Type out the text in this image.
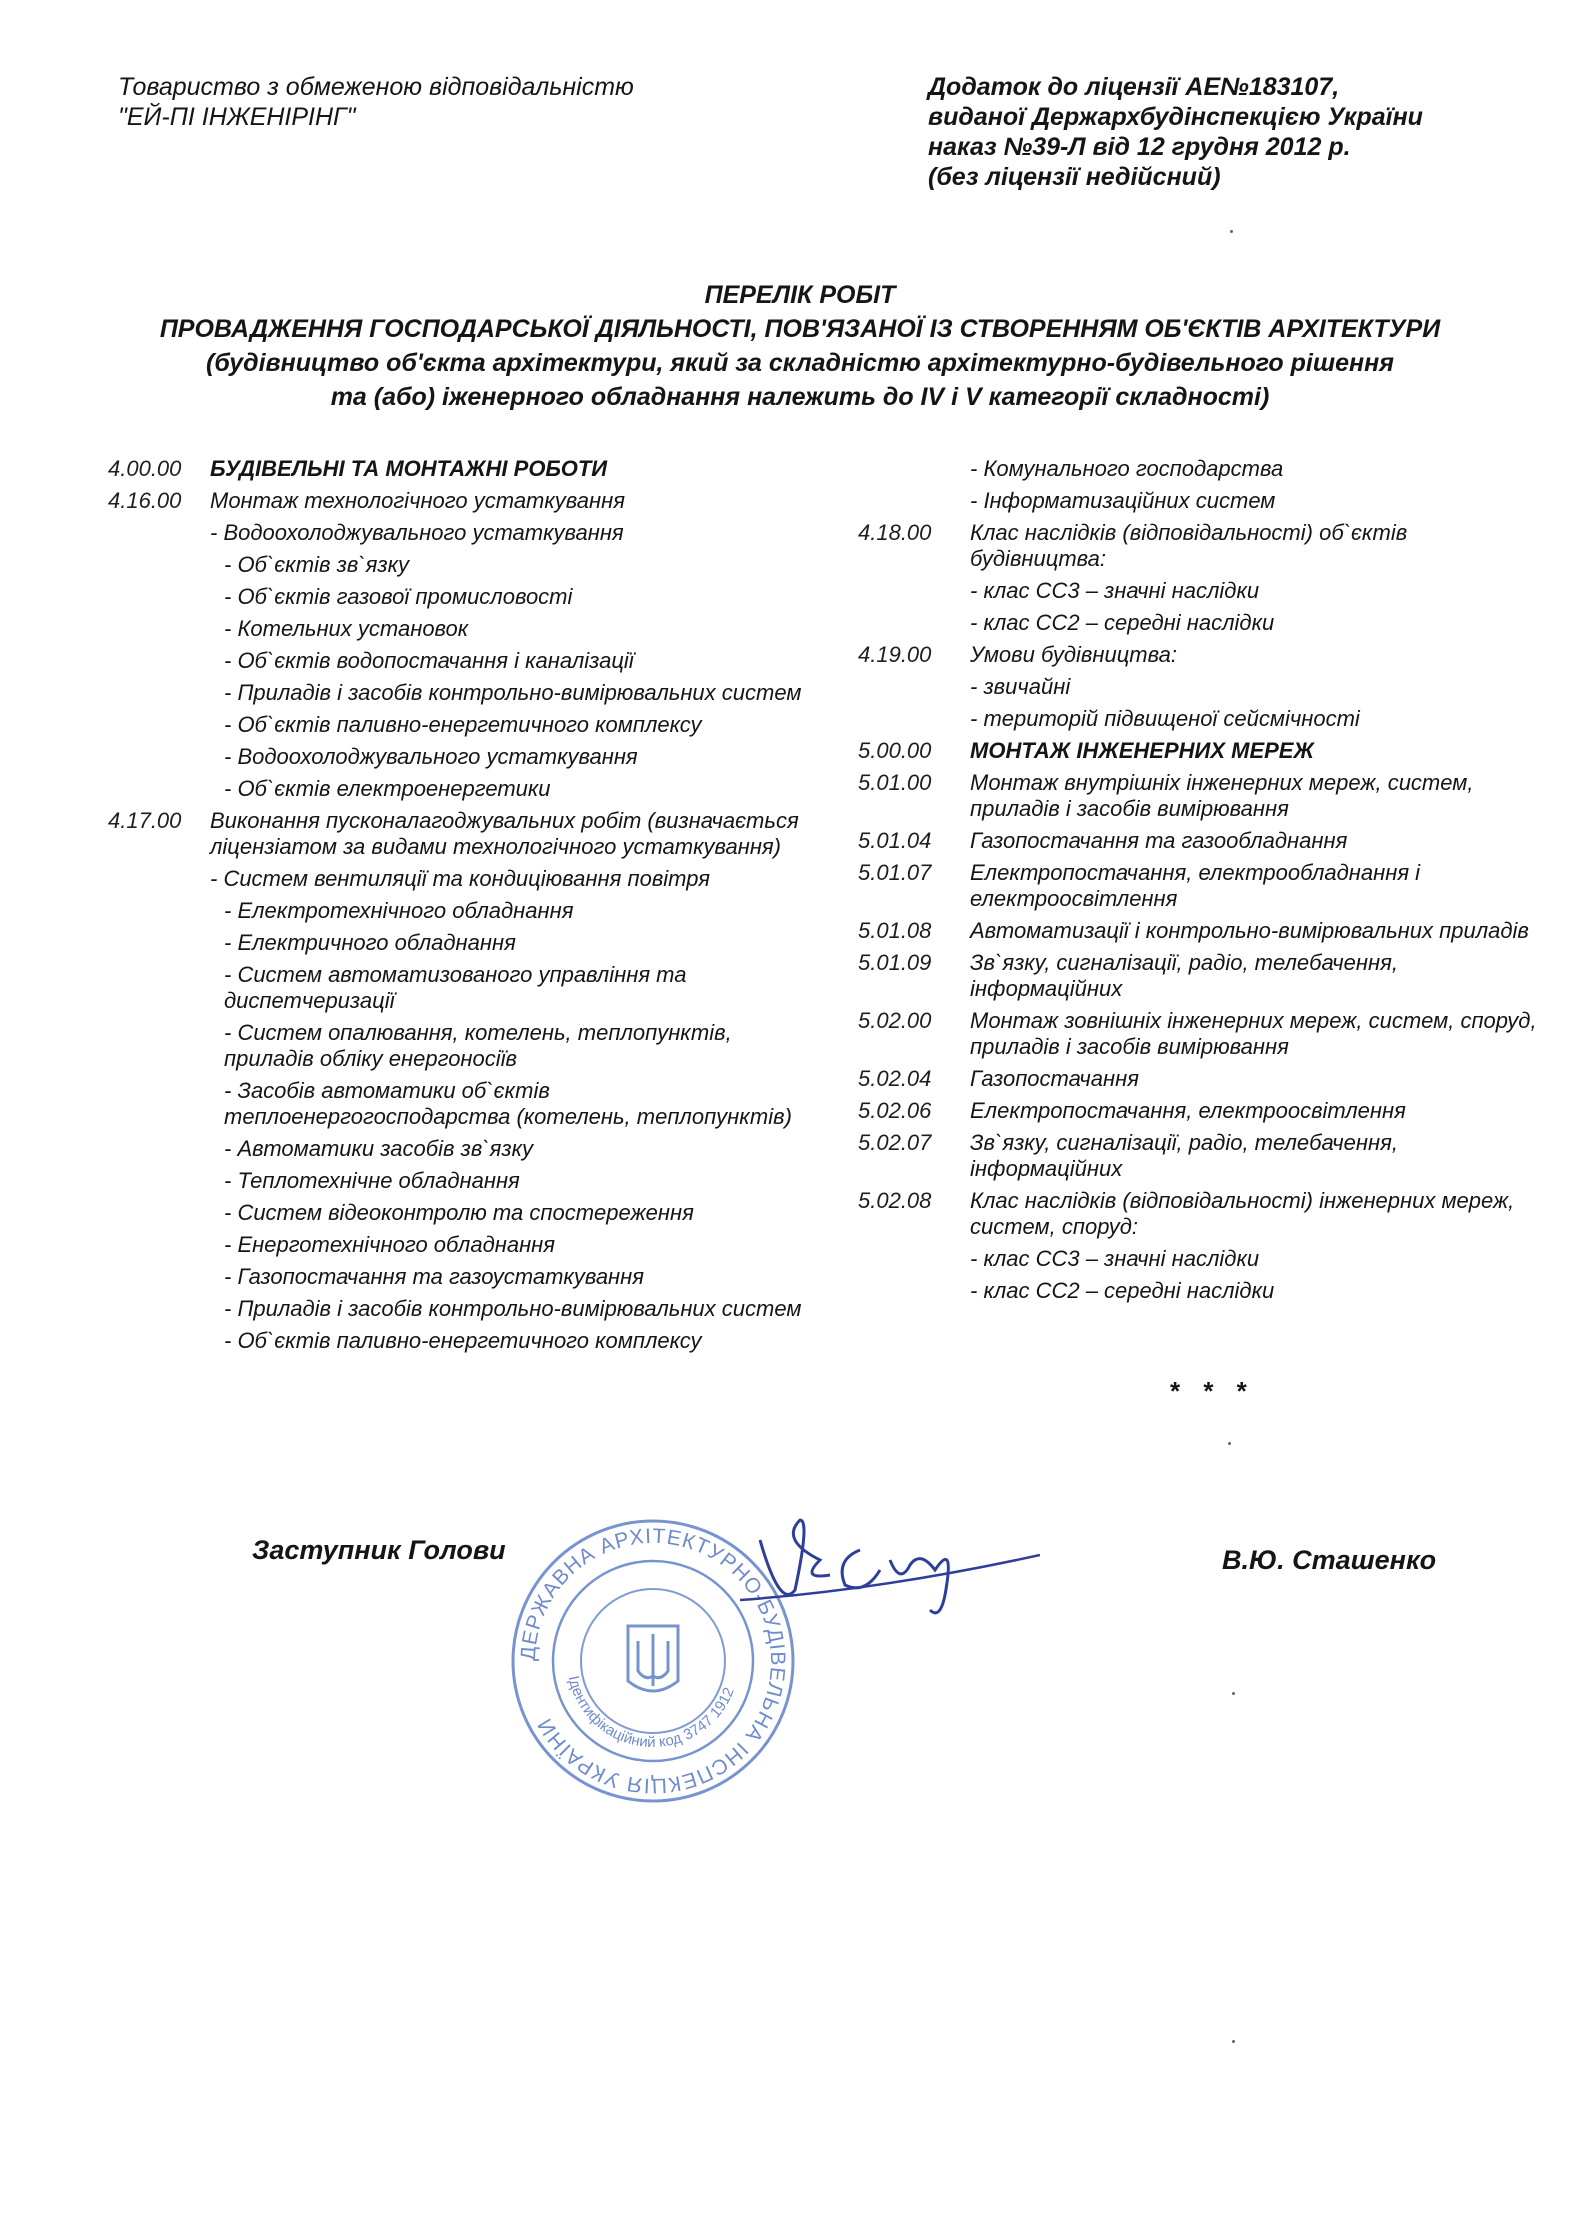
Товариство з обмеженою відповідальністю
"ЕЙ-ПІ ІНЖЕНІРІНГ"
Додаток до ліцензії АЕ№183107,
виданої Держархбудінспекцією України
наказ №39-Л від 12 грудня 2012 р.
(без ліцензії недійсний)
ПЕРЕЛІК РОБІТ
ПРОВАДЖЕННЯ ГОСПОДАРСЬКОЇ ДІЯЛЬНОСТІ, ПОВ'ЯЗАНОЇ ІЗ СТВОРЕННЯМ ОБ'ЄКТІВ АРХІТЕКТУРИ
(будівництво об'єкта архітектури, який за складністю архітектурно-будівельного рішення
та (або) іженерного обладнання належить до IV і V категорії складності)
4.00.00	БУДІВЕЛЬНІ ТА МОНТАЖНІ РОБОТИ
4.16.00	Монтаж технологічного устаткування
- Водоохолоджувального устаткування
- Об`єктів зв`язку
- Об`єктів газової промисловості
- Котельних установок
- Об`єктів водопостачання і каналізації
- Приладів і засобів контрольно-вимірювальних систем
- Об`єктів паливно-енергетичного комплексу
- Водоохолоджувального устаткування
- Об`єктів електроенергетики
4.17.00	Виконання пусконалагоджувальних робіт (визначається ліцензіатом за видами технологічного устаткування)
- Систем вентиляції та кондиціювання повітря
- Електротехнічного обладнання
- Електричного обладнання
- Систем автоматизованого управління та диспетчеризації
- Систем опалювання, котелень, теплопунктів, приладів обліку енергоносіїв
- Засобів автоматики об`єктів теплоенергогосподарства (котелень, теплопунктів)
- Автоматики засобів зв`язку
- Теплотехнічне обладнання
- Систем відеоконтролю та спостереження
- Енерготехнічного обладнання
- Газопостачання та газоустаткування
- Приладів і засобів контрольно-вимірювальних систем
- Об`єктів паливно-енергетичного комплексу
- Комунального господарства
- Інформатизаційних систем
4.18.00	Клас наслідків (відповідальності) об`єктів будівництва:
- клас СС3 – значні наслідки
- клас СС2 – середні наслідки
4.19.00	Умови будівництва:
- звичайні
- територій підвищеної сейсмічності
5.00.00	МОНТАЖ ІНЖЕНЕРНИХ МЕРЕЖ
5.01.00	Монтаж внутрішніх інженерних мереж, систем, приладів і засобів вимірювання
5.01.04	Газопостачання та газообладнання
5.01.07	Електропостачання, електрообладнання і електроосвітлення
5.01.08	Автоматизації і контрольно-вимірювальних приладів
5.01.09	Зв`язку, сигналізації, радіо, телебачення, інформаційних
5.02.00	Монтаж зовнішніх інженерних мереж, систем, споруд, приладів і засобів вимірювання
5.02.04	Газопостачання
5.02.06	Електропостачання, електроосвітлення
5.02.07	Зв`язку, сигналізації, радіо, телебачення, інформаційних
5.02.08	Клас наслідків (відповідальності) інженерних мереж, систем, споруд:
- клас СС3 – значні наслідки
- клас СС2 – середні наслідки
* * *
Заступник Голови	В.Ю. Сташенко
ДЕРЖАВНА АРХІТЕКТУРНО-БУДІВЕЛЬНА ІНСПЕКЦІЯ УКРАЇНИ
Ідентифікаційний код 3747 1912
